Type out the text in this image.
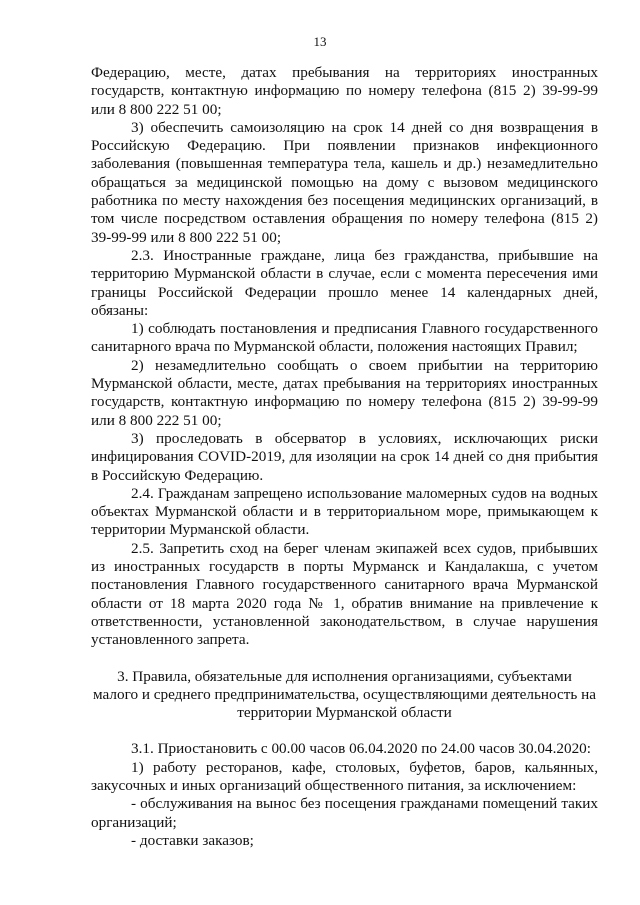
13

Федерацию, месте, датах пребывания на территориях иностранных государств, контактную информацию по номеру телефона (815 2) 39-99-99 или 8 800 222 51 00;

3) обеспечить самоизоляцию на срок 14 дней со дня возвращения в Российскую Федерацию. При появлении признаков инфекционного заболевания (повышенная температура тела, кашель и др.) незамедлительно обращаться за медицинской помощью на дому с вызовом медицинского работника по месту нахождения без посещения медицинских организаций, в том числе посредством оставления обращения по номеру телефона (815 2) 39-99-99 или 8 800 222 51 00;

2.3. Иностранные граждане, лица без гражданства, прибывшие на территорию Мурманской области в случае, если с момента пересечения ими границы Российской Федерации прошло менее 14 календарных дней, обязаны:

1) соблюдать постановления и предписания Главного государственного санитарного врача по Мурманской области, положения настоящих Правил;

2) незамедлительно сообщать о своем прибытии на территорию Мурманской области, месте, датах пребывания на территориях иностранных государств, контактную информацию по номеру телефона (815 2) 39-99-99 или 8 800 222 51 00;

3) проследовать в обсерватор в условиях, исключающих риски инфицирования COVID-2019, для изоляции на срок 14 дней со дня прибытия в Российскую Федерацию.

2.4. Гражданам запрещено использование маломерных судов на водных объектах Мурманской области и в территориальном море, примыкающем к территории Мурманской области.

2.5. Запретить сход на берег членам экипажей всех судов, прибывших из иностранных государств в порты Мурманск и Кандалакша, с учетом постановления Главного государственного санитарного врача Мурманской области от 18 марта 2020 года № 1, обратив внимание на привлечение к ответственности, установленной законодательством, в случае нарушения установленного запрета.

3. Правила, обязательные для исполнения организациями, субъектами малого и среднего предпринимательства, осуществляющими деятельность на территории Мурманской области

3.1. Приостановить с 00.00 часов 06.04.2020 по 24.00 часов 30.04.2020:

1) работу ресторанов, кафе, столовых, буфетов, баров, кальянных, закусочных и иных организаций общественного питания, за исключением:

- обслуживания на вынос без посещения гражданами помещений таких организаций;

- доставки заказов;
